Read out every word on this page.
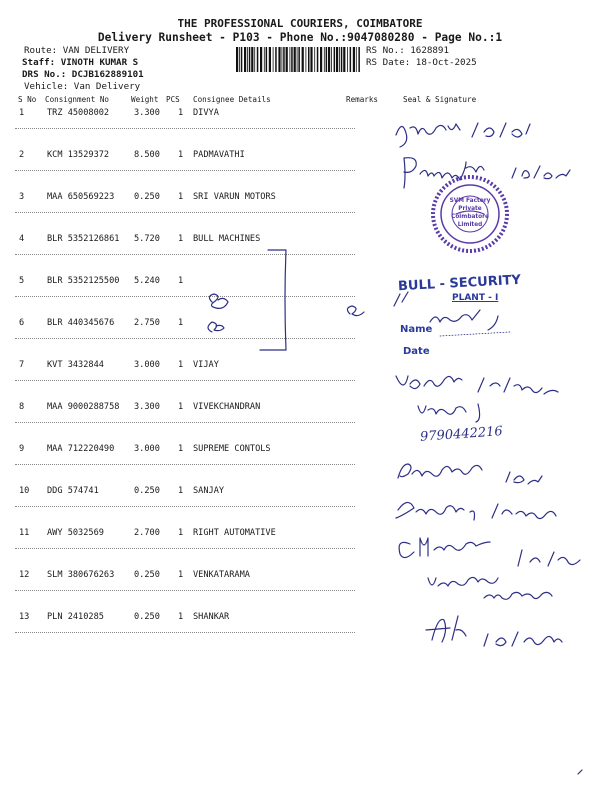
THE PROFESSIONAL COURIERS, COIMBATORE
Delivery Runsheet - P103 - Phone No.:9047080280 - Page No.:1
Route: VAN DELIVERY
Staff: VINOTH KUMAR S
DRS No.: DCJB162889101
Vehicle: Van Delivery
RS No.: 1628891
RS Date: 18-Oct-2025
S No Consignment No	Weight PCS Consignee Details	Remarks	Seal & Signature
1	TRZ 45008002	3.300 1 DIVYA
2	KCM 13529372	8.500 1 PADMAVATHI
3	MAA 650569223 0.250 1 SRI VARUN MOTORS
4	BLR 5352126861 5.720 1 BULL MACHINES
5	BLR 5352125500 5.240 1
6	BLR 440345676 2.750 1
7	KVT 3432844	3.000 1 VIJAY
8	MAA 9000288758 3.300 1 VIVEKCHANDRAN
9	MAA 712220490 3.000 1 SUPREME CONTOLS
10 DDG 574741	0.250 1 SANJAY
11 AWY 5032569	2.700 1 RIGHT AUTOMATIVE
12 SLM 380676263 0.250 1 VENKATARAMA
13 PLN 2410285	0.250 1 SHANKAR
BULL - SECURITY
PLANT - I
Name
Date
SVM Factory Private Coimbatore Limited
9790442216
